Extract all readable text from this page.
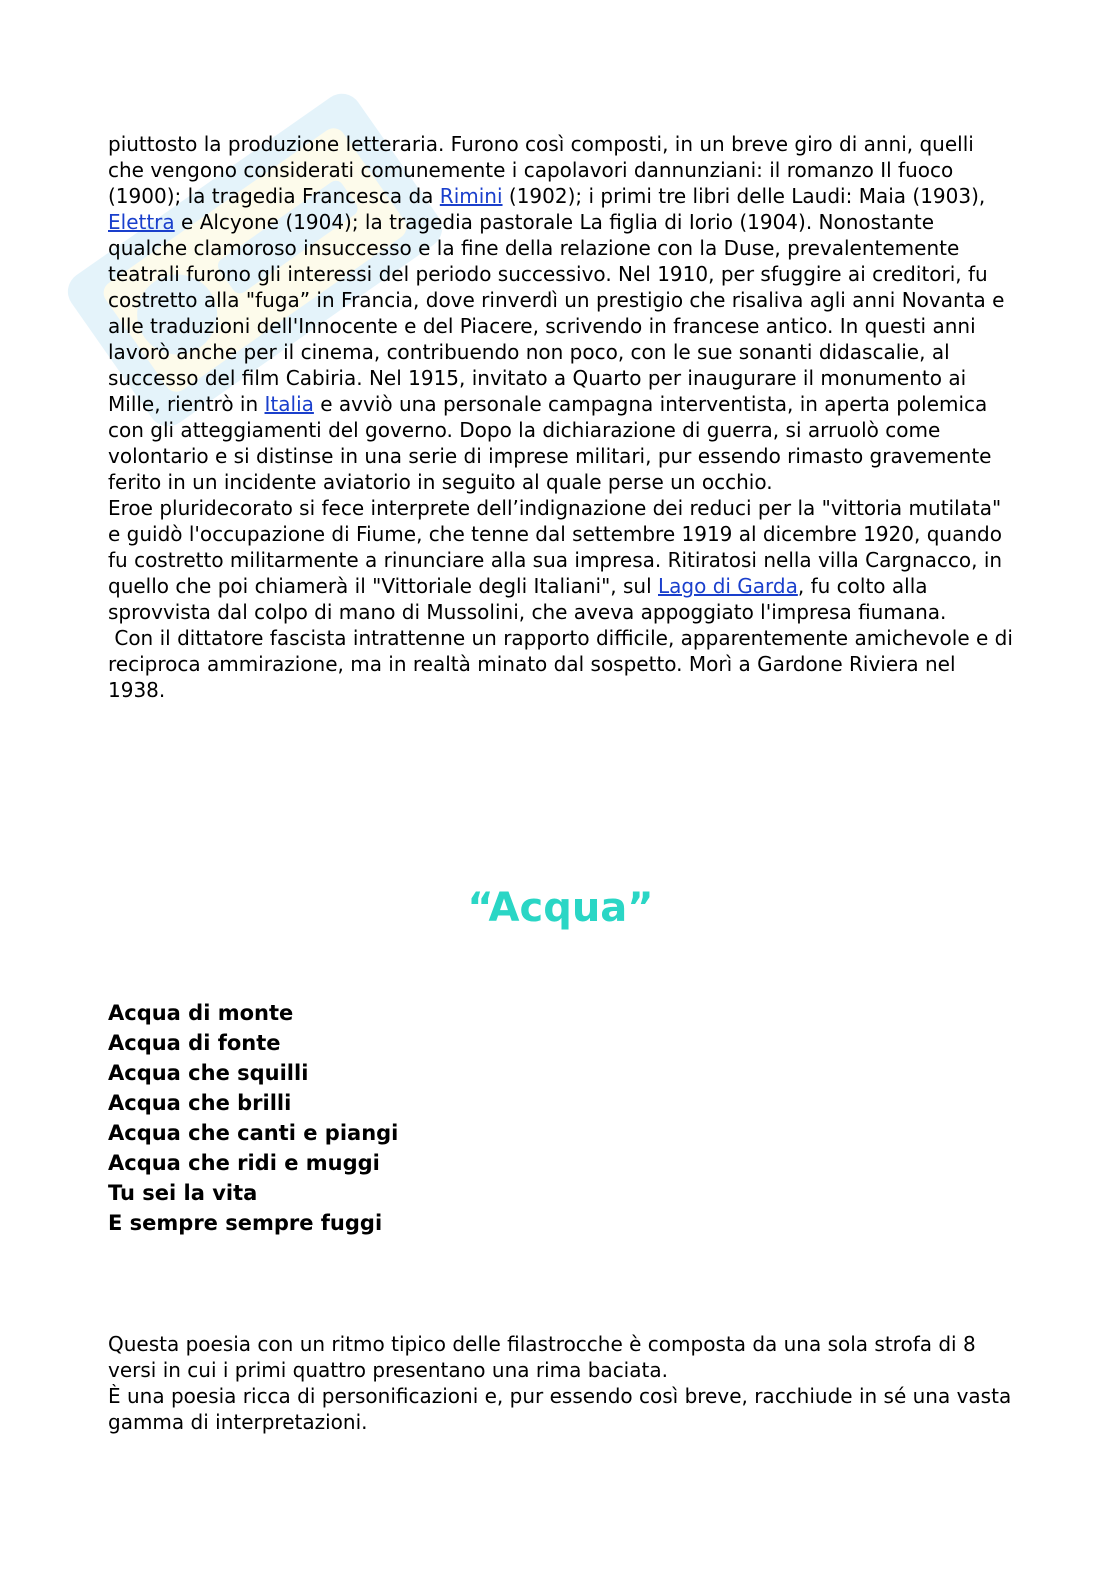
piuttosto la produzione letteraria. Furono così composti, in un breve giro di anni, quelli che vengono considerati comunemente i capolavori dannunziani: il romanzo Il fuoco (1900); la tragedia Francesca da Rimini (1902); i primi tre libri delle Laudi: Maia (1903), Elettra e Alcyone (1904); la tragedia pastorale La figlia di Iorio (1904). Nonostante qualche clamoroso insuccesso e la fine della relazione con la Duse, prevalentemente teatrali furono gli interessi del periodo successivo. Nel 1910, per sfuggire ai creditori, fu costretto alla "fuga” in Francia, dove rinverdì un prestigio che risaliva agli anni Novanta e alle traduzioni dell'Innocente e del Piacere, scrivendo in francese antico. In questi anni lavorò anche per il cinema, contribuendo non poco, con le sue sonanti didascalie, al successo del film Cabiria. Nel 1915, invitato a Quarto per inaugurare il monumento ai Mille, rientrò in Italia e avviò una personale campagna interventista, in aperta polemica con gli atteggiamenti del governo. Dopo la dichiarazione di guerra, si arruolò come volontario e si distinse in una serie di imprese militari, pur essendo rimasto gravemente ferito in un incidente aviatorio in seguito al quale perse un occhio.

Eroe pluridecorato si fece interprete dell’indignazione dei reduci per la "vittoria mutilata" e guidò l'occupazione di Fiume, che tenne dal settembre 1919 al dicembre 1920, quando fu costretto militarmente a rinunciare alla sua impresa. Ritiratosi nella villa Cargnacco, in quello che poi chiamerà il "Vittoriale degli Italiani", sul Lago di Garda, fu colto alla sprovvista dal colpo di mano di Mussolini, che aveva appoggiato l'impresa fiumana.

Con il dittatore fascista intrattenne un rapporto difficile, apparentemente amichevole e di reciproca ammirazione, ma in realtà minato dal sospetto. Morì a Gardone Riviera nel 1938.

“Acqua”
Acqua di monte
Acqua di fonte
Acqua che squilli
Acqua che brilli
Acqua che canti e piangi
Acqua che ridi e muggi
Tu sei la vita
E sempre sempre fuggi

Questa poesia con un ritmo tipico delle filastrocche è composta da una sola strofa di 8 versi in cui i primi quattro presentano una rima baciata.

È una poesia ricca di personificazioni e, pur essendo così breve, racchiude in sé una vasta gamma di interpretazioni.
